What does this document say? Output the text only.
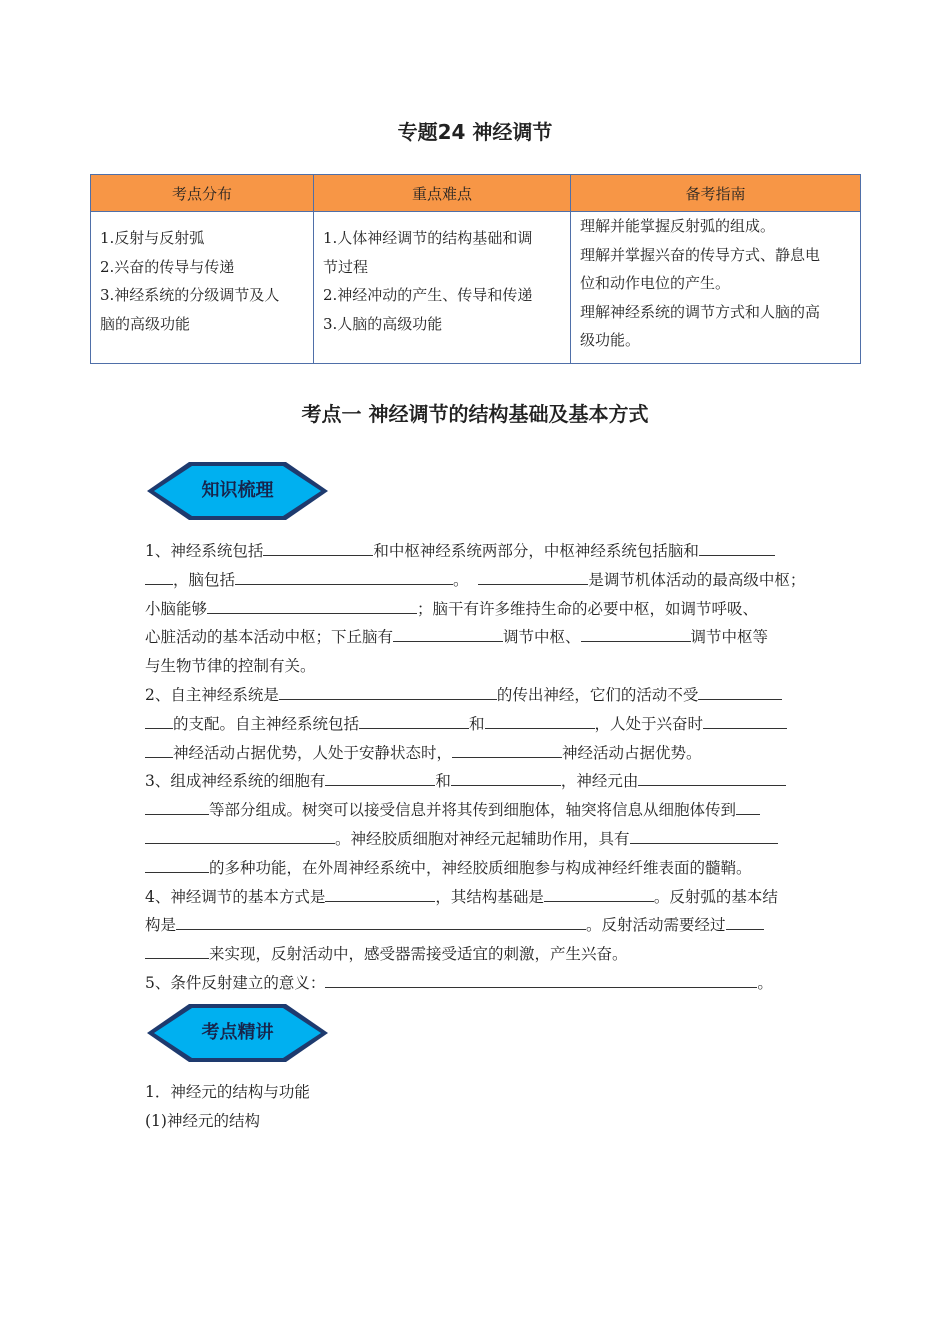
专题24 神经调节
考点分布	重点难点	备考指南

1.反射与反射弧
2.兴奋的传导与传递
3.神经系统的分级调节及人
脑的高级功能	1.人体神经调节的结构基础和调
节过程
2.神经冲动的产生、传导和传递
3.人脑的高级功能	理解并能掌握反射弧的组成。
理解并掌握兴奋的传导方式、静息电
位和动作电位的产生。
理解神经系统的调节方式和人脑的高
级功能。
考点一 神经调节的结构基础及基本方式
知识梳理
1、神经系统包括	和中枢神经系统两部分，中枢神经系统包括脑和
，脑包括	。	是调节机体活动的最高级中枢；
小脑能够	；脑干有许多维持生命的必要中枢，如调节呼吸、
心脏活动的基本活动中枢；下丘脑有	调节中枢、	调节中枢等
与生物节律的控制有关。
2、自主神经系统是	的传出神经，它们的活动不受
的支配。自主神经系统包括	和	，人处于兴奋时
神经活动占据优势，人处于安静状态时，	神经活动占据优势。
3、组成神经系统的细胞有	和	，神经元由
等部分组成。树突可以接受信息并将其传到细胞体，轴突将信息从细胞体传到
。神经胶质细胞对神经元起辅助作用，具有
的多种功能，在外周神经系统中，神经胶质细胞参与构成神经纤维表面的髓鞘。
4、神经调节的基本方式是	，其结构基础是	。反射弧的基本结
构是	。反射活动需要经过
来实现，反射活动中，感受器需接受适宜的刺激，产生兴奋。
5、条件反射建立的意义：	。
考点精讲
1．神经元的结构与功能
(1)神经元的结构
